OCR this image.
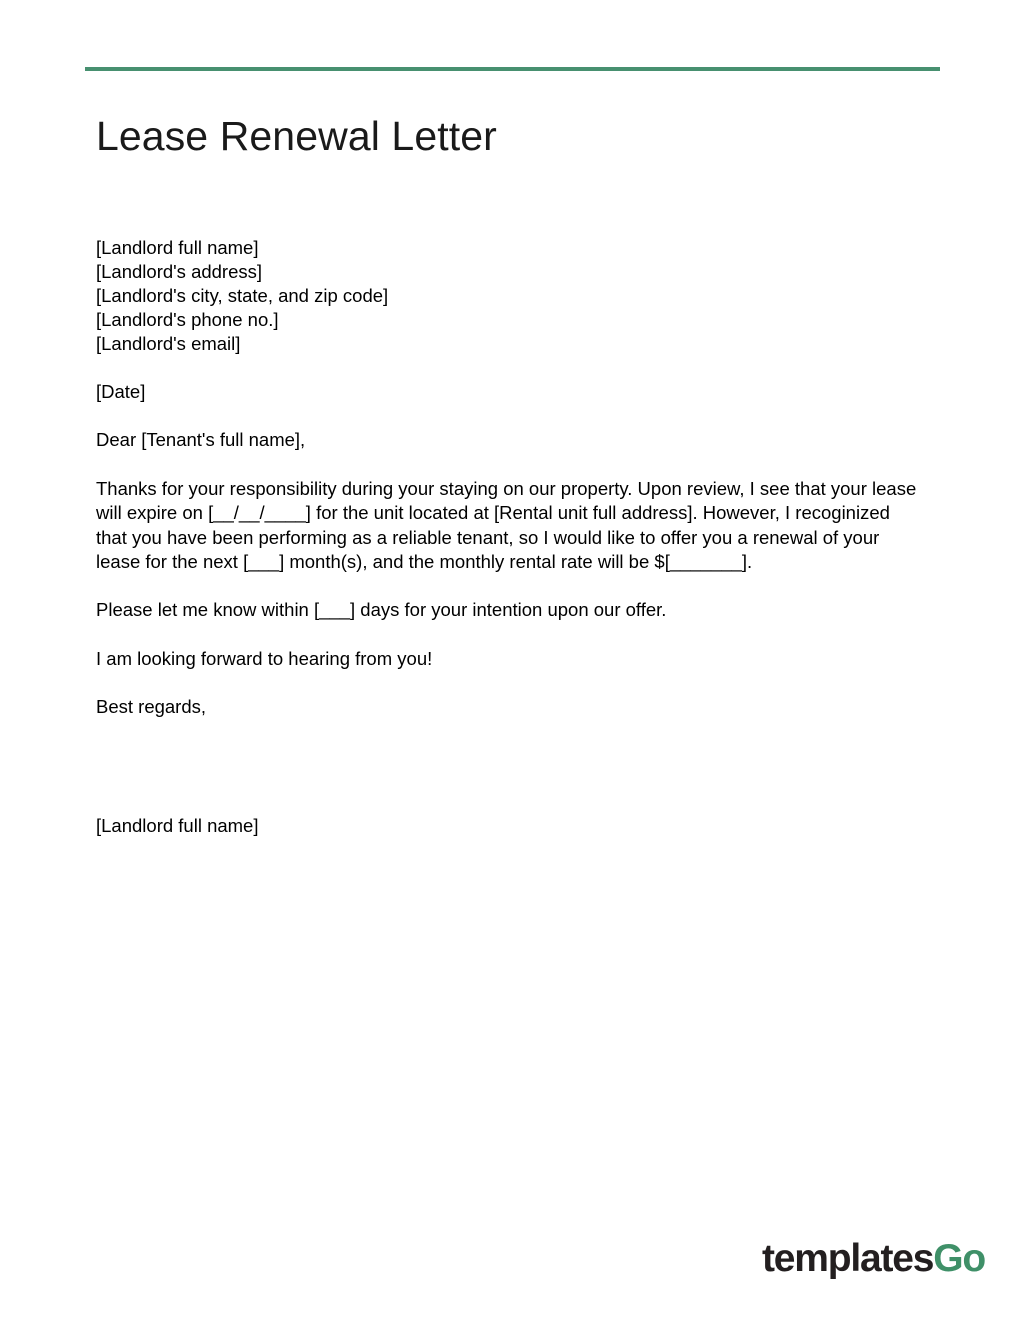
Lease Renewal Letter
[Landlord full name]
[Landlord's address]
[Landlord's city, state, and zip code]
[Landlord's phone no.]
[Landlord's email]

[Date]

Dear [Tenant's full name],

Thanks for your responsibility during your staying on our property. Upon review, I see that your lease will expire on [__/__/____] for the unit located at [Rental unit full address]. However, I recoginized that you have been performing as a reliable tenant, so I would like to offer you a renewal of your lease for the next [___] month(s), and the monthly rental rate will be $[_______].

Please let me know within [___] days for your intention upon our offer.

I am looking forward to hearing from you!

Best regards,

[Landlord full name]

templatesGo
